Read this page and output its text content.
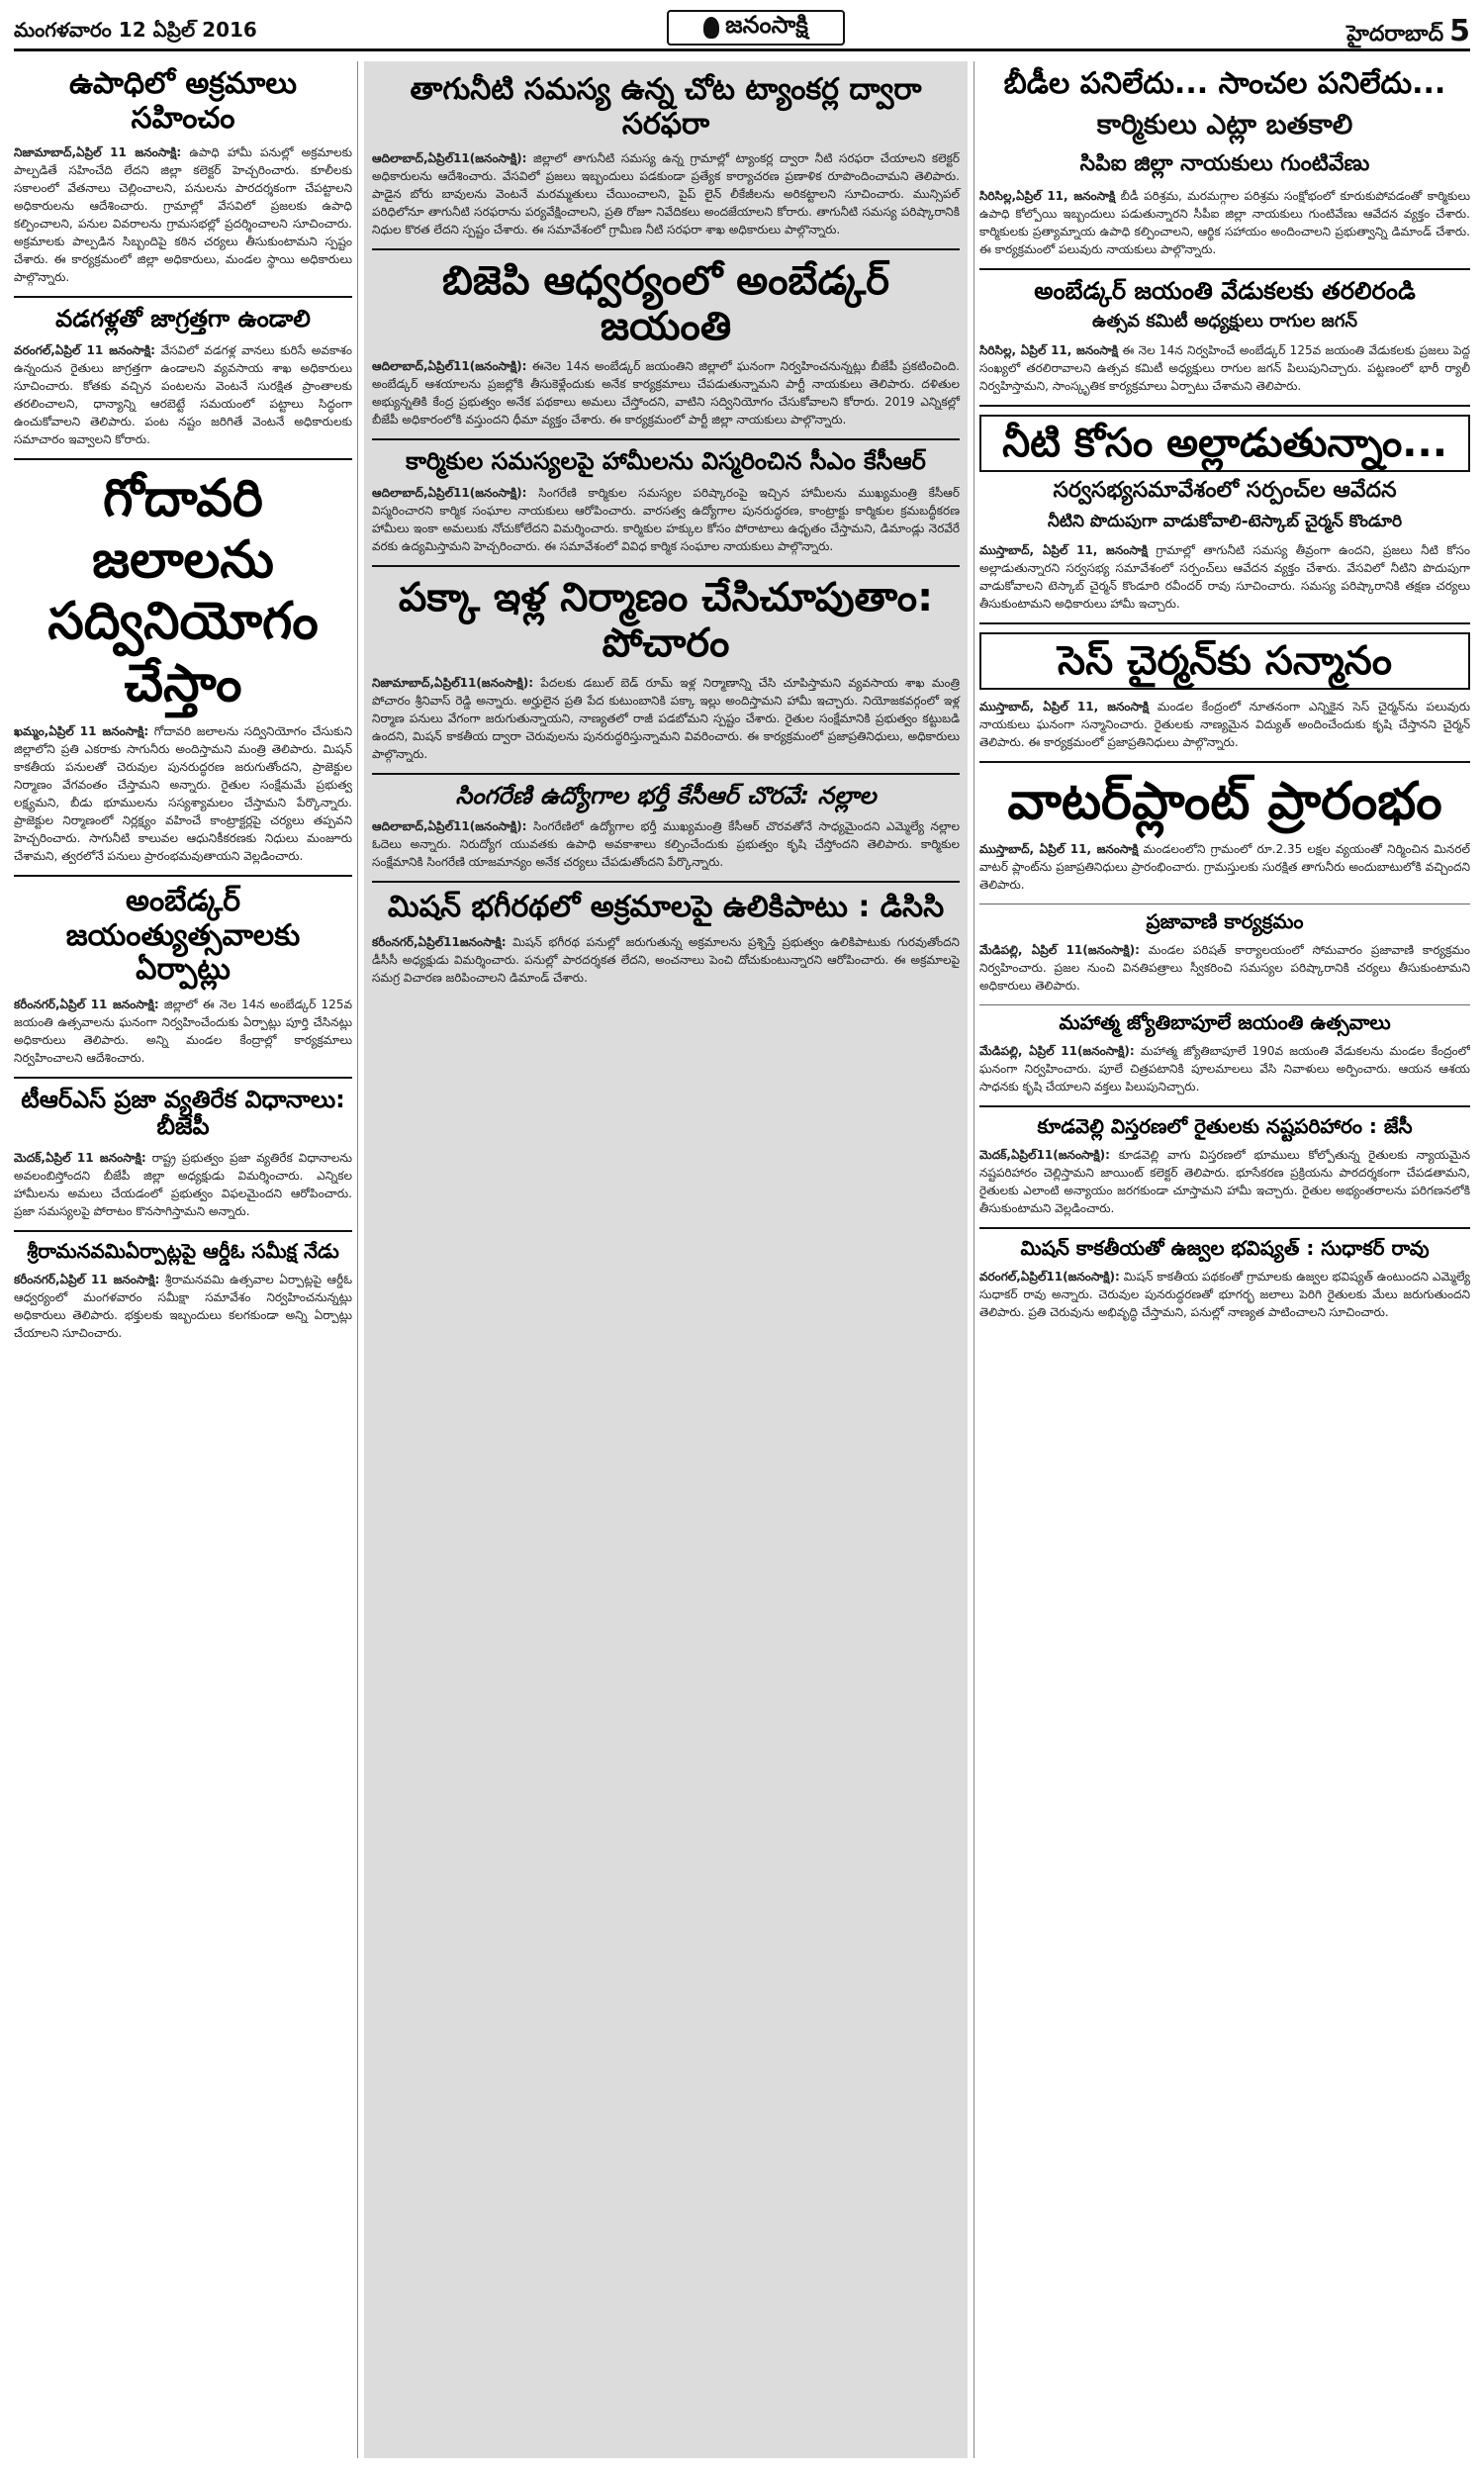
మంగళవారం 12 ఏప్రిల్ 2016	జనంసాక్షి	హైదరాబాద్ 5
ఉపాధిలో అక్రమాలు సహించం
నిజామాబాద్,ఏప్రిల్ 11 జనంసాక్షి: ఉపాధి హామీ పనుల్లో అక్రమాలకు పాల్పడితే సహించేది లేదని జిల్లా కలెక్టర్ హెచ్చరించారు. కూలీలకు సకాలంలో వేతనాలు చెల్లించాలని, పనులను పారదర్శకంగా చేపట్టాలని అధికారులను ఆదేశించారు. గ్రామాల్లో వేసవిలో ప్రజలకు ఉపాధి కల్పించాలని, పనుల వివరాలను గ్రామసభల్లో ప్రదర్శించాలని సూచించారు. అక్రమాలకు పాల్పడిన సిబ్బందిపై కఠిన చర్యలు తీసుకుంటామని స్పష్టం చేశారు. ఈ కార్యక్రమంలో జిల్లా అధికారులు, మండల స్థాయి అధికారులు పాల్గొన్నారు.
వడగళ్లతో జాగ్రత్తగా ఉండాలి
వరంగల్,ఏప్రిల్ 11 జనంసాక్షి: వేసవిలో వడగళ్ల వానలు కురిసే అవకాశం ఉన్నందున రైతులు జాగ్రత్తగా ఉండాలని వ్యవసాయ శాఖ అధికారులు సూచించారు. కోతకు వచ్చిన పంటలను వెంటనే సురక్షిత ప్రాంతాలకు తరలించాలని, ధాన్యాన్ని ఆరబెట్టే సమయంలో పట్టాలు సిద్ధంగా ఉంచుకోవాలని తెలిపారు. పంట నష్టం జరిగితే వెంటనే అధికారులకు సమాచారం ఇవ్వాలని కోరారు.
గోదావరి జలాలను సద్వినియోగం చేస్తాం
ఖమ్మం,ఏప్రిల్ 11 జనంసాక్షి: గోదావరి జలాలను సద్వినియోగం చేసుకుని జిల్లాలోని ప్రతి ఎకరాకు సాగునీరు అందిస్తామని మంత్రి తెలిపారు. మిషన్ కాకతీయ పనులతో చెరువుల పునరుద్ధరణ జరుగుతోందని, ప్రాజెక్టుల నిర్మాణం వేగవంతం చేస్తామని అన్నారు. రైతుల సంక్షేమమే ప్రభుత్వ లక్ష్యమని, బీడు భూములను సస్యశ్యామలం చేస్తామని పేర్కొన్నారు. ప్రాజెక్టుల నిర్మాణంలో నిర్లక్ష్యం వహించే కాంట్రాక్టర్లపై చర్యలు తప్పవని హెచ్చరించారు. సాగునీటి కాలువల ఆధునికీకరణకు నిధులు మంజూరు చేశామని, త్వరలోనే పనులు ప్రారంభమవుతాయని వెల్లడించారు.
అంబేడ్కర్ జయంత్యుత్సవాలకు ఏర్పాట్లు
కరీంనగర్,ఏప్రిల్ 11 జనంసాక్షి: జిల్లాలో ఈ నెల 14న అంబేడ్కర్ 125వ జయంతి ఉత్సవాలను ఘనంగా నిర్వహించేందుకు ఏర్పాట్లు పూర్తి చేసినట్లు అధికారులు తెలిపారు. అన్ని మండల కేంద్రాల్లో కార్యక్రమాలు నిర్వహించాలని ఆదేశించారు.
టీఆర్ఎస్ ప్రజా వ్యతిరేక విధానాలు: బీజేపీ
మెదక్,ఏప్రిల్ 11 జనంసాక్షి: రాష్ట్ర ప్రభుత్వం ప్రజా వ్యతిరేక విధానాలను అవలంబిస్తోందని బీజేపీ జిల్లా అధ్యక్షుడు విమర్శించారు. ఎన్నికల హామీలను అమలు చేయడంలో ప్రభుత్వం విఫలమైందని ఆరోపించారు. ప్రజా సమస్యలపై పోరాటం కొనసాగిస్తామని అన్నారు.
శ్రీరామనవమిఏర్పాట్లపై ఆర్డీఓ సమీక్ష నేడు
కరీంనగర్,ఏప్రిల్ 11 జనంసాక్షి: శ్రీరామనవమి ఉత్సవాల ఏర్పాట్లపై ఆర్డీఓ ఆధ్వర్యంలో మంగళవారం సమీక్షా సమావేశం నిర్వహించనున్నట్లు అధికారులు తెలిపారు. భక్తులకు ఇబ్బందులు కలగకుండా అన్ని ఏర్పాట్లు చేయాలని సూచించారు.
తాగునీటి సమస్య ఉన్న చోట ట్యాంకర్ల ద్వారా సరఫరా
ఆదిలాబాద్,ఏప్రిల్11(జనంసాక్షి): జిల్లాలో తాగునీటి సమస్య ఉన్న గ్రామాల్లో ట్యాంకర్ల ద్వారా నీటి సరఫరా చేయాలని కలెక్టర్ అధికారులను ఆదేశించారు. వేసవిలో ప్రజలు ఇబ్బందులు పడకుండా ప్రత్యేక కార్యాచరణ ప్రణాళిక రూపొందించామని తెలిపారు. పాడైన బోరు బావులను వెంటనే మరమ్మతులు చేయించాలని, పైప్ లైన్ లీకేజీలను అరికట్టాలని సూచించారు. మున్సిపల్ పరిధిలోనూ తాగునీటి సరఫరాను పర్యవేక్షించాలని, ప్రతి రోజూ నివేదికలు అందజేయాలని కోరారు. తాగునీటి సమస్య పరిష్కారానికి నిధుల కొరత లేదని స్పష్టం చేశారు. ఈ సమావేశంలో గ్రామీణ నీటి సరఫరా శాఖ అధికారులు పాల్గొన్నారు.
బిజెపి ఆధ్వర్యంలో అంబేడ్కర్ జయంతి
ఆదిలాబాద్,ఏప్రిల్11(జనంసాక్షి): ఈనెల 14న అంబేడ్కర్ జయంతిని జిల్లాలో ఘనంగా నిర్వహించనున్నట్లు బీజేపీ ప్రకటించింది. అంబేడ్కర్ ఆశయాలను ప్రజల్లోకి తీసుకెళ్లేందుకు అనేక కార్యక్రమాలు చేపడుతున్నామని పార్టీ నాయకులు తెలిపారు. దళితుల అభ్యున్నతికి కేంద్ర ప్రభుత్వం అనేక పథకాలు అమలు చేస్తోందని, వాటిని సద్వినియోగం చేసుకోవాలని కోరారు. 2019 ఎన్నికల్లో బీజేపీ అధికారంలోకి వస్తుందని ధీమా వ్యక్తం చేశారు. ఈ కార్యక్రమంలో పార్టీ జిల్లా నాయకులు పాల్గొన్నారు.
కార్మికుల సమస్యలపై హామీలను విస్మరించిన సీఎం కేసీఆర్
ఆదిలాబాద్,ఏప్రిల్11(జనంసాక్షి): సింగరేణి కార్మికుల సమస్యల పరిష్కారంపై ఇచ్చిన హామీలను ముఖ్యమంత్రి కేసీఆర్ విస్మరించారని కార్మిక సంఘాల నాయకులు ఆరోపించారు. వారసత్వ ఉద్యోగాల పునరుద్ధరణ, కాంట్రాక్టు కార్మికుల క్రమబద్ధీకరణ హామీలు ఇంకా అమలుకు నోచుకోలేదని విమర్శించారు. కార్మికుల హక్కుల కోసం పోరాటాలు ఉధృతం చేస్తామని, డిమాండ్లు నెరవేరే వరకు ఉద్యమిస్తామని హెచ్చరించారు. ఈ సమావేశంలో వివిధ కార్మిక సంఘాల నాయకులు పాల్గొన్నారు.
పక్కా ఇళ్ల నిర్మాణం చేసిచూపుతాం: పోచారం
నిజామాబాద్,ఏప్రిల్11(జనంసాక్షి): పేదలకు డబుల్ బెడ్ రూమ్ ఇళ్ల నిర్మాణాన్ని చేసి చూపిస్తామని వ్యవసాయ శాఖ మంత్రి పోచారం శ్రీనివాస్ రెడ్డి అన్నారు. అర్హులైన ప్రతి పేద కుటుంబానికి పక్కా ఇల్లు అందిస్తామని హామీ ఇచ్చారు. నియోజకవర్గంలో ఇళ్ల నిర్మాణ పనులు వేగంగా జరుగుతున్నాయని, నాణ్యతలో రాజీ పడబోమని స్పష్టం చేశారు. రైతుల సంక్షేమానికి ప్రభుత్వం కట్టుబడి ఉందని, మిషన్ కాకతీయ ద్వారా చెరువులను పునరుద్ధరిస్తున్నామని వివరించారు. ఈ కార్యక్రమంలో ప్రజాప్రతినిధులు, అధికారులు పాల్గొన్నారు.
సింగరేణి ఉద్యోగాల భర్తీ కేసీఆర్ చొరవే: నల్లాల
ఆదిలాబాద్,ఏప్రిల్11(జనంసాక్షి): సింగరేణిలో ఉద్యోగాల భర్తీ ముఖ్యమంత్రి కేసీఆర్ చొరవతోనే సాధ్యమైందని ఎమ్మెల్యే నల్లాల ఓదెలు అన్నారు. నిరుద్యోగ యువతకు ఉపాధి అవకాశాలు కల్పించేందుకు ప్రభుత్వం కృషి చేస్తోందని తెలిపారు. కార్మికుల సంక్షేమానికి సింగరేణి యాజమాన్యం అనేక చర్యలు చేపడుతోందని పేర్కొన్నారు.
మిషన్ భగీరథలో అక్రమాలపై ఉలికిపాటు : డిసిసి
కరీంనగర్,ఏప్రిల్11జనంసాక్షి: మిషన్ భగీరథ పనుల్లో జరుగుతున్న అక్రమాలను ప్రశ్నిస్తే ప్రభుత్వం ఉలికిపాటుకు గురవుతోందని డీసీసీ అధ్యక్షుడు విమర్శించారు. పనుల్లో పారదర్శకత లేదని, అంచనాలు పెంచి దోచుకుంటున్నారని ఆరోపించారు. ఈ అక్రమాలపై సమగ్ర విచారణ జరిపించాలని డిమాండ్ చేశారు.
బీడీల పనిలేదు... సాంచల పనిలేదు...
కార్మికులు ఎట్లా బతకాలి
సిపిఐ జిల్లా నాయకులు గుంటివేణు
సిరిసిల్ల,ఏప్రిల్ 11, జనంసాక్షి బీడీ పరిశ్రమ, మరమగ్గాల పరిశ్రమ సంక్షోభంలో కూరుకుపోవడంతో కార్మికులు ఉపాధి కోల్పోయి ఇబ్బందులు పడుతున్నారని సీపీఐ జిల్లా నాయకులు గుంటివేణు ఆవేదన వ్యక్తం చేశారు. కార్మికులకు ప్రత్యామ్నాయ ఉపాధి కల్పించాలని, ఆర్థిక సహాయం అందించాలని ప్రభుత్వాన్ని డిమాండ్ చేశారు. ఈ కార్యక్రమంలో పలువురు నాయకులు పాల్గొన్నారు.
అంబేడ్కర్ జయంతి వేడుకలకు తరలిరండి
ఉత్సవ కమిటీ అధ్యక్షులు రాగుల జగన్
సిరిసిల్ల, ఏప్రిల్ 11, జనంసాక్షి ఈ నెల 14న నిర్వహించే అంబేడ్కర్ 125వ జయంతి వేడుకలకు ప్రజలు పెద్ద సంఖ్యలో తరలిరావాలని ఉత్సవ కమిటీ అధ్యక్షులు రాగుల జగన్ పిలుపునిచ్చారు. పట్టణంలో భారీ ర్యాలీ నిర్వహిస్తామని, సాంస్కృతిక కార్యక్రమాలు ఏర్పాటు చేశామని తెలిపారు.
నీటి కోసం అల్లాడుతున్నాం...
సర్వసభ్యసమావేశంలో సర్పంచ్‌ల ఆవేదన
నీటిని పొదుపుగా వాడుకోవాలి-టెస్కాబ్ చైర్మన్ కొండూరి
ముస్తాబాద్, ఏప్రిల్ 11, జనంసాక్షి గ్రామాల్లో తాగునీటి సమస్య తీవ్రంగా ఉందని, ప్రజలు నీటి కోసం అల్లాడుతున్నారని సర్వసభ్య సమావేశంలో సర్పంచ్‌లు ఆవేదన వ్యక్తం చేశారు. వేసవిలో నీటిని పొదుపుగా వాడుకోవాలని టెస్కాబ్ చైర్మన్ కొండూరి రవీందర్ రావు సూచించారు. సమస్య పరిష్కారానికి తక్షణ చర్యలు తీసుకుంటామని అధికారులు హామీ ఇచ్చారు.
సెస్ చైర్మన్‌కు సన్మానం
ముస్తాబాద్, ఏప్రిల్ 11, జనంసాక్షి మండల కేంద్రంలో నూతనంగా ఎన్నికైన సెస్ చైర్మన్‌ను పలువురు నాయకులు ఘనంగా సన్మానించారు. రైతులకు నాణ్యమైన విద్యుత్ అందించేందుకు కృషి చేస్తానని చైర్మన్ తెలిపారు. ఈ కార్యక్రమంలో ప్రజాప్రతినిధులు పాల్గొన్నారు.
వాటర్‌ప్లాంట్ ప్రారంభం
ముస్తాబాద్, ఏప్రిల్ 11, జనంసాక్షి మండలంలోని గ్రామంలో రూ.2.35 లక్షల వ్యయంతో నిర్మించిన మినరల్ వాటర్ ప్లాంట్‌ను ప్రజాప్రతినిధులు ప్రారంభించారు. గ్రామస్తులకు సురక్షిత తాగునీరు అందుబాటులోకి వచ్చిందని తెలిపారు.
ప్రజావాణి కార్యక్రమం
మేడిపల్లి, ఏప్రిల్ 11(జనంసాక్షి): మండల పరిషత్ కార్యాలయంలో సోమవారం ప్రజావాణి కార్యక్రమం నిర్వహించారు. ప్రజల నుంచి వినతిపత్రాలు స్వీకరించి సమస్యల పరిష్కారానికి చర్యలు తీసుకుంటామని అధికారులు తెలిపారు.
మహాత్మ జ్యోతిబాపూలే జయంతి ఉత్సవాలు
మేడిపల్లి, ఏప్రిల్ 11(జనంసాక్షి): మహాత్మ జ్యోతిబాపూలే 190వ జయంతి వేడుకలను మండల కేంద్రంలో ఘనంగా నిర్వహించారు. పూలే చిత్రపటానికి పూలమాలలు వేసి నివాళులు అర్పించారు. ఆయన ఆశయ సాధనకు కృషి చేయాలని వక్తలు పిలుపునిచ్చారు.
కూడవెల్లి విస్తరణలో రైతులకు నష్టపరిహారం : జేసీ
మెదక్,ఏప్రిల్11(జనంసాక్షి): కూడవెల్లి వాగు విస్తరణలో భూములు కోల్పోతున్న రైతులకు న్యాయమైన నష్టపరిహారం చెల్లిస్తామని జాయింట్ కలెక్టర్ తెలిపారు. భూసేకరణ ప్రక్రియను పారదర్శకంగా చేపడతామని, రైతులకు ఎలాంటి అన్యాయం జరగకుండా చూస్తామని హామీ ఇచ్చారు. రైతుల అభ్యంతరాలను పరిగణనలోకి తీసుకుంటామని వెల్లడించారు.
మిషన్ కాకతీయతో ఉజ్వల భవిష్యత్ : సుధాకర్ రావు
వరంగల్,ఏప్రిల్11(జనంసాక్షి): మిషన్ కాకతీయ పథకంతో గ్రామాలకు ఉజ్వల భవిష్యత్ ఉంటుందని ఎమ్మెల్యే సుధాకర్ రావు అన్నారు. చెరువుల పునరుద్ధరణతో భూగర్భ జలాలు పెరిగి రైతులకు మేలు జరుగుతుందని తెలిపారు. ప్రతి చెరువును అభివృద్ధి చేస్తామని, పనుల్లో నాణ్యత పాటించాలని సూచించారు.
